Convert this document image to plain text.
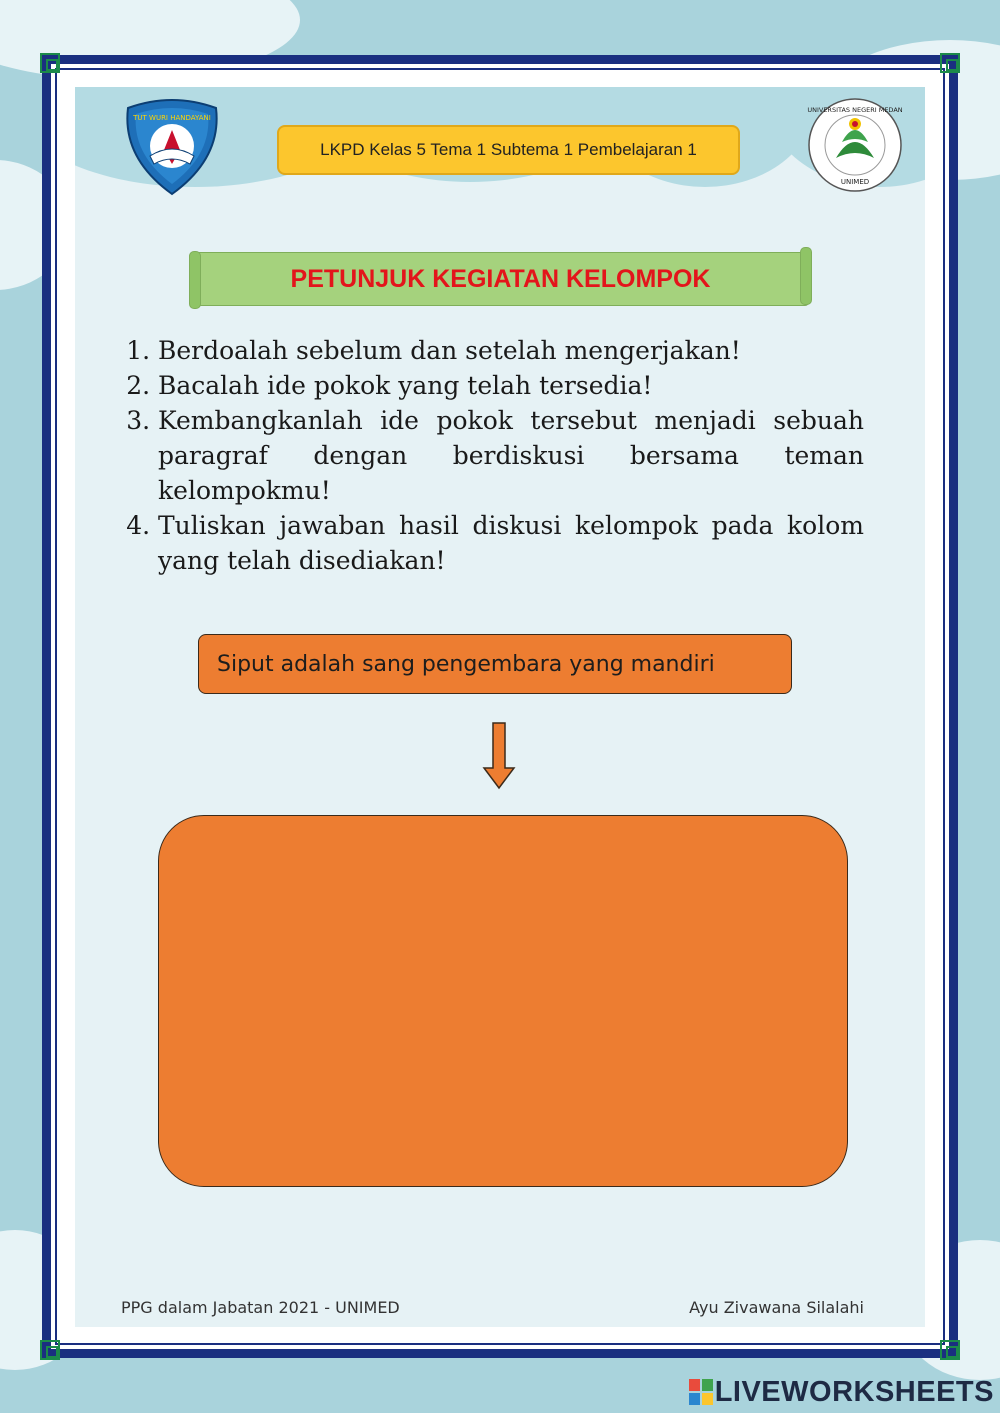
TUT WURI HANDAYANI
LKPD Kelas 5 Tema 1 Subtema 1 Pembelajaran 1
UNIVERSITAS NEGERI MEDAN
UNIMED
PETUNJUK KEGIATAN KELOMPOK
1. Berdoalah sebelum dan setelah mengerjakan!
2. Bacalah ide pokok yang telah tersedia!
3. Kembangkanlah ide pokok tersebut menjadi sebuah paragraf dengan berdiskusi bersama teman kelompokmu!
4. Tuliskan jawaban hasil diskusi kelompok pada kolom yang telah disediakan!
Siput adalah sang pengembara yang mandiri
PPG dalam Jabatan 2021 - UNIMED	Ayu Zivawana Silalahi
LIVEWORKSHEETS
